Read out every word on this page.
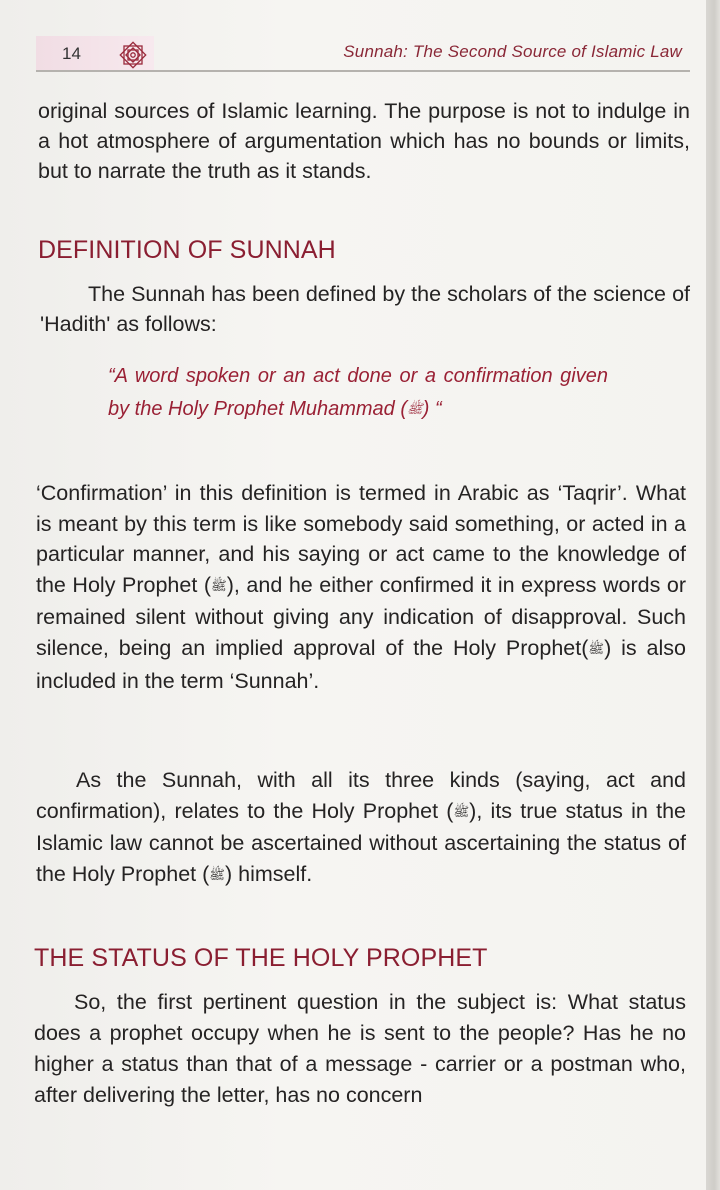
14	Sunnah: The Second Source of Islamic Law
original sources of Islamic learning. The purpose is not to indulge in a hot atmosphere of argumentation which has no bounds or limits, but to narrate the truth as it stands.
DEFINITION OF SUNNAH
The Sunnah has been defined by the scholars of the science of 'Hadith' as follows:
“A word spoken or an act done or a confirmation given by the Holy Prophet Muhammad (ﷺ) “
‘Confirmation’ in this definition is termed in Arabic as ‘Taqrir’. What is meant by this term is like somebody said something, or acted in a particular manner, and his saying or act came to the knowledge of the Holy Prophet (ﷺ), and he either confirmed it in express words or remained silent without giving any indication of disapproval. Such silence, being an implied approval of the Holy Prophet(ﷺ) is also included in the term ‘Sunnah’.
As the Sunnah, with all its three kinds (saying, act and confirmation), relates to the Holy Prophet (ﷺ), its true status in the Islamic law cannot be ascertained without ascertaining the status of the Holy Prophet (ﷺ) himself.
THE STATUS OF THE HOLY PROPHET
So, the first pertinent question in the subject is: What status does a prophet occupy when he is sent to the people? Has he no higher a status than that of a message - carrier or a postman who, after delivering the letter, has no concern
